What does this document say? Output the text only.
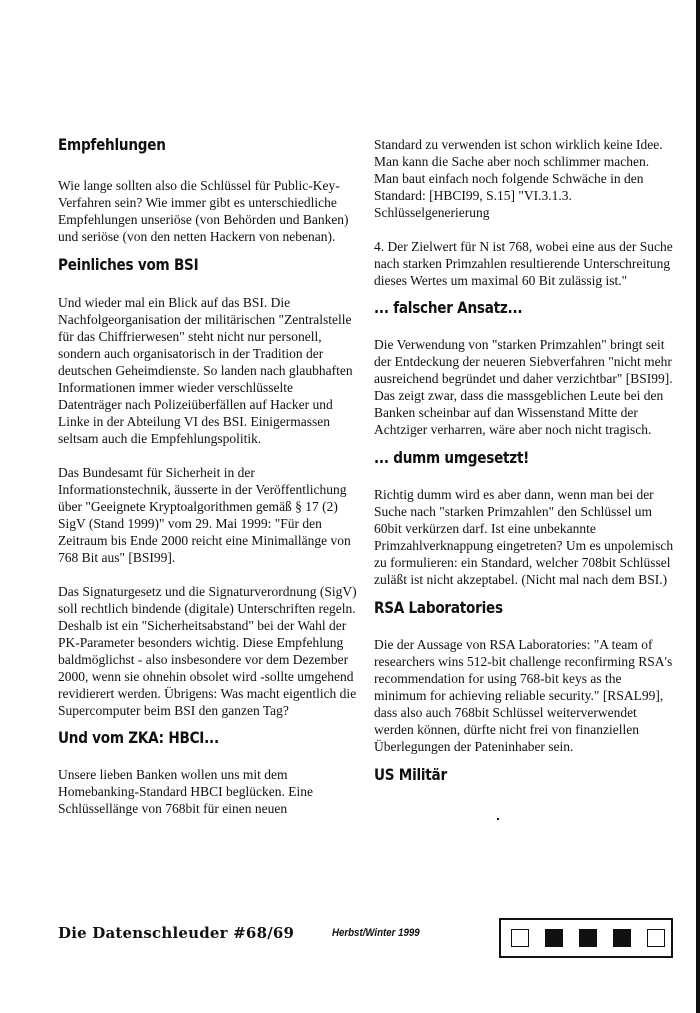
Empfehlungen

Wie lange sollten also die Schlüssel für Public-Key-Verfahren sein? Wie immer gibt es unterschiedliche Empfehlungen unseriöse (von Behörden und Banken) und seriöse (von den netten Hackern von nebenan).

Peinliches vom BSI

Und wieder mal ein Blick auf das BSI. Die Nachfolgeorganisation der militärischen "Zentralstelle für das Chiffrierwesen" steht nicht nur personell, sondern auch organisatorisch in der Tradition der deutschen Geheimdienste. So landen nach glaubhaften Informationen immer wieder verschlüsselte Datenträger nach Polizeiüberfällen auf Hacker und Linke in der Abteilung VI des BSI. Einigermassen seltsam auch die Empfehlungspolitik.

Das Bundesamt für Sicherheit in der Informationstechnik, äusserte in der Veröffentlichung über "Geeignete Kryptoalgorithmen gemäß § 17 (2) SigV (Stand 1999)" vom 29. Mai 1999: "Für den Zeitraum bis Ende 2000 reicht eine Minimallänge von 768 Bit aus" [BSI99].

Das Signaturgesetz und die Signaturverordnung (SigV) soll rechtlich bindende (digitale) Unterschriften regeln. Deshalb ist ein "Sicherheitsabstand" bei der Wahl der PK-Parameter besonders wichtig. Diese Empfehlung baldmöglichst - also insbesondere vor dem Dezember 2000, wenn sie ohnehin obsolet wird -sollte umgehend revidierert werden. Übrigens: Was macht eigentlich die Supercomputer beim BSI den ganzen Tag?

Und vom ZKA: HBCI...

Unsere lieben Banken wollen uns mit dem Homebanking-Standard HBCI beglücken. Eine Schlüssellänge von 768bit für einen neuen

Standard zu verwenden ist schon wirklich keine Idee. Man kann die Sache aber noch schlimmer machen. Man baut einfach noch folgende Schwäche in den Standard: [HBCI99, S.15] "VI.3.1.3. Schlüsselgenerierung

4. Der Zielwert für N ist 768, wobei eine aus der Suche nach starken Primzahlen resultierende Unterschreitung dieses Wertes um maximal 60 Bit zulässig ist."

... falscher Ansatz...

Die Verwendung von "starken Primzahlen" bringt seit der Entdeckung der neueren Siebverfahren "nicht mehr ausreichend begründet und daher verzichtbar" [BSI99]. Das zeigt zwar, dass die massgeblichen Leute bei den Banken scheinbar auf dan Wissenstand Mitte der Achtziger verharren, wäre aber noch nicht tragisch.

... dumm umgesetzt!

Richtig dumm wird es aber dann, wenn man bei der Suche nach "starken Primzahlen" den Schlüssel um 60bit verkürzen darf. Ist eine unbekannte Primzahlverknappung eingetreten? Um es unpolemisch zu formulieren: ein Standard, welcher 708bit Schlüssel zuläßt ist nicht akzeptabel. (Nicht mal nach dem BSI.)

RSA Laboratories

Die der Aussage von RSA Laboratories: "A team of researchers wins 512-bit challenge reconfirming RSA's recommendation for using 768-bit keys as the minimum for achieving reliable security." [RSAL99], dass also auch 768bit Schlüssel weiterverwendet werden können, dürfte nicht frei von finanziellen Überlegungen der Pateninhaber sein.

US Militär
Die Datenschleuder #68/69	Herbst/Winter 1999
